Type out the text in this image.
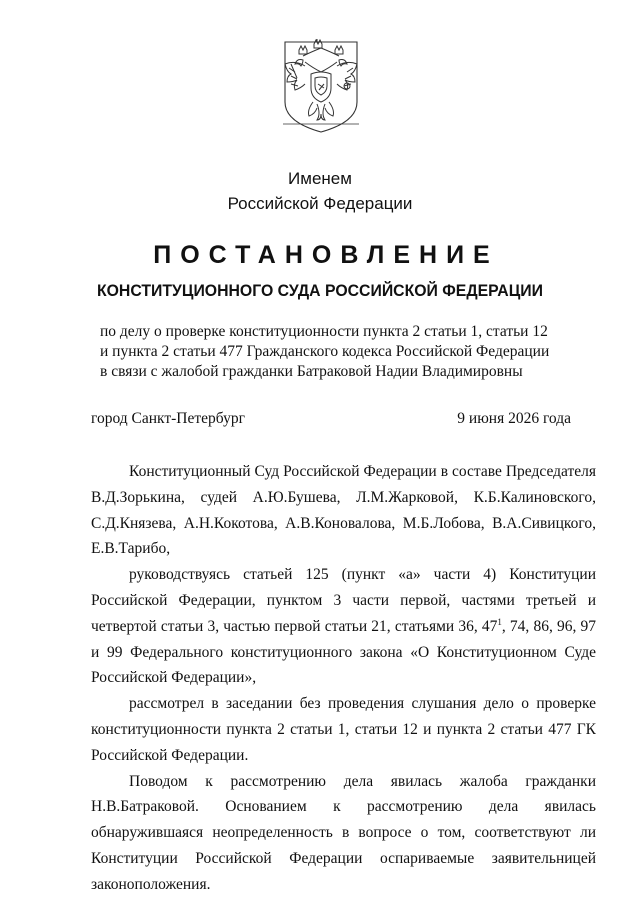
Именем
Российской Федерации
ПОСТАНОВЛЕНИЕ
КОНСТИТУЦИОННОГО СУДА РОССИЙСКОЙ ФЕДЕРАЦИИ
по делу о проверке конституционности пункта 2 статьи 1, статьи 12
и пункта 2 статьи 477 Гражданского кодекса Российской Федерации
в связи с жалобой гражданки Батраковой Надии Владимировны
город Санкт-Петербург	9 июня 2026 года

Конституционный Суд Российской Федерации в составе Председателя В.Д.Зорькина, судей А.Ю.Бушева, Л.М.Жарковой, К.Б.Калиновского, С.Д.Князева, А.Н.Кокотова, А.В.Коновалова, М.Б.Лобова, В.А.Сивицкого, Е.В.Тарибо,

руководствуясь статьей 125 (пункт «а» части 4) Конституции Российской Федерации, пунктом 3 части первой, частями третьей и четвертой статьи 3, частью первой статьи 21, статьями 36, $47^1$, 74, 86, 96, 97 и 99 Федерального конституционного закона «О Конституционном Суде Российской Федерации»,

рассмотрел в заседании без проведения слушания дело о проверке конституционности пункта 2 статьи 1, статьи 12 и пункта 2 статьи 477 ГК Российской Федерации.

Поводом к рассмотрению дела явилась жалоба гражданки Н.В.Батраковой. Основанием к рассмотрению дела явилась обнаружившаяся неопределенность в вопросе о том, соответствуют ли Конституции Российской Федерации оспариваемые заявительницей законоположения.
